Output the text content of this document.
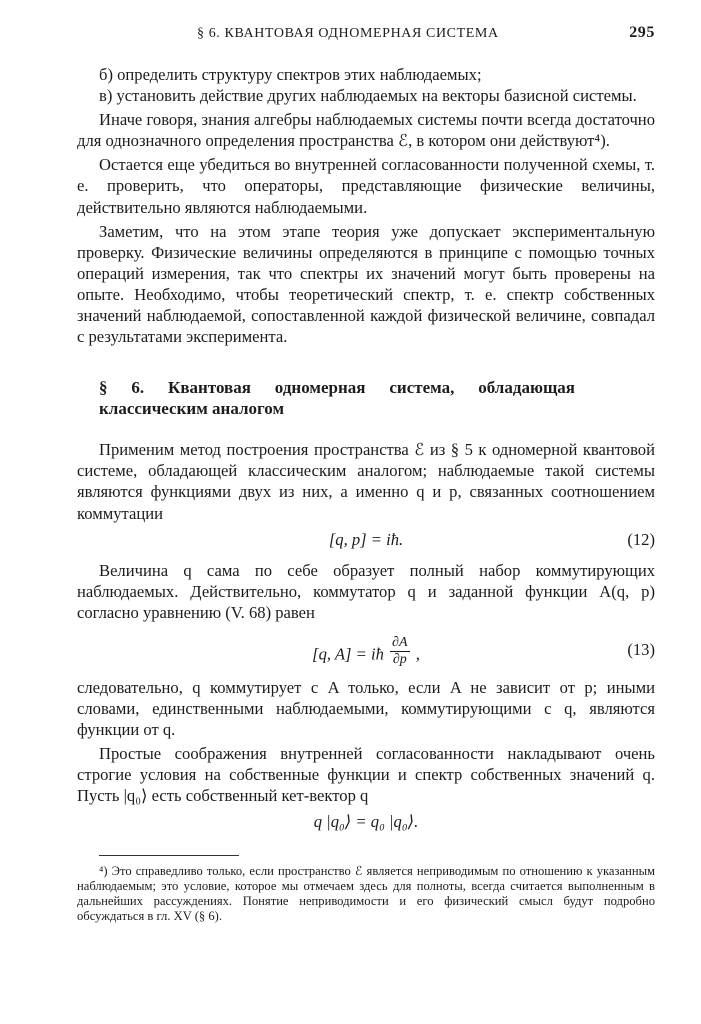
§ 6. КВАНТОВАЯ ОДНОМЕРНАЯ СИСТЕМА	295

б) определить структуру спектров этих наблюдаемых;

в) установить действие других наблюдаемых на векторы базисной системы.

Иначе говоря, знания алгебры наблюдаемых системы почти всегда достаточно для однозначного определения пространства ℰ, в котором они действуют⁴).

Остается еще убедиться во внутренней согласованности полученной схемы, т. е. проверить, что операторы, представляющие физические величины, действительно являются наблюдаемыми.

Заметим, что на этом этапе теория уже допускает экспериментальную проверку. Физические величины определяются в принципе с помощью точных операций измерения, так что спектры их значений могут быть проверены на опыте. Необходимо, чтобы теоретический спектр, т. е. спектр собственных значений наблюдаемой, сопоставленной каждой физической величине, совпадал с результатами эксперимента.

§ 6. Квантовая одномерная система, обладающая классическим аналогом

Применим метод построения пространства ℰ из § 5 к одномерной квантовой системе, обладающей классическим аналогом; наблюдаемые такой системы являются функциями двух из них, а именно q и p, связанных соотношением коммутации

[q, p] = iħ.	(12)

Величина q сама по себе образует полный набор коммутирующих наблюдаемых. Действительно, коммутатор q и заданной функции A(q, p) согласно уравнению (V. 68) равен

[q, A] = iħ $\frac{\partial A}{\partial p}$ ,	(13)

следовательно, q коммутирует с A только, если A не зависит от p; иными словами, единственными наблюдаемыми, коммутирующими с q, являются функции от q.

Простые соображения внутренней согласованности накладывают очень строгие условия на собственные функции и спектр собственных значений q. Пусть |q₀⟩ есть собственный кет-вектор q

q |q₀⟩ = q₀ |q₀⟩.

⁴) Это справедливо только, если пространство ℰ является неприводимым по отношению к указанным наблюдаемым; это условие, которое мы отмечаем здесь для полноты, всегда считается выполненным в дальнейших рассуждениях. Понятие неприводимости и его физический смысл будут подробно обсуждаться в гл. XV (§ 6).
